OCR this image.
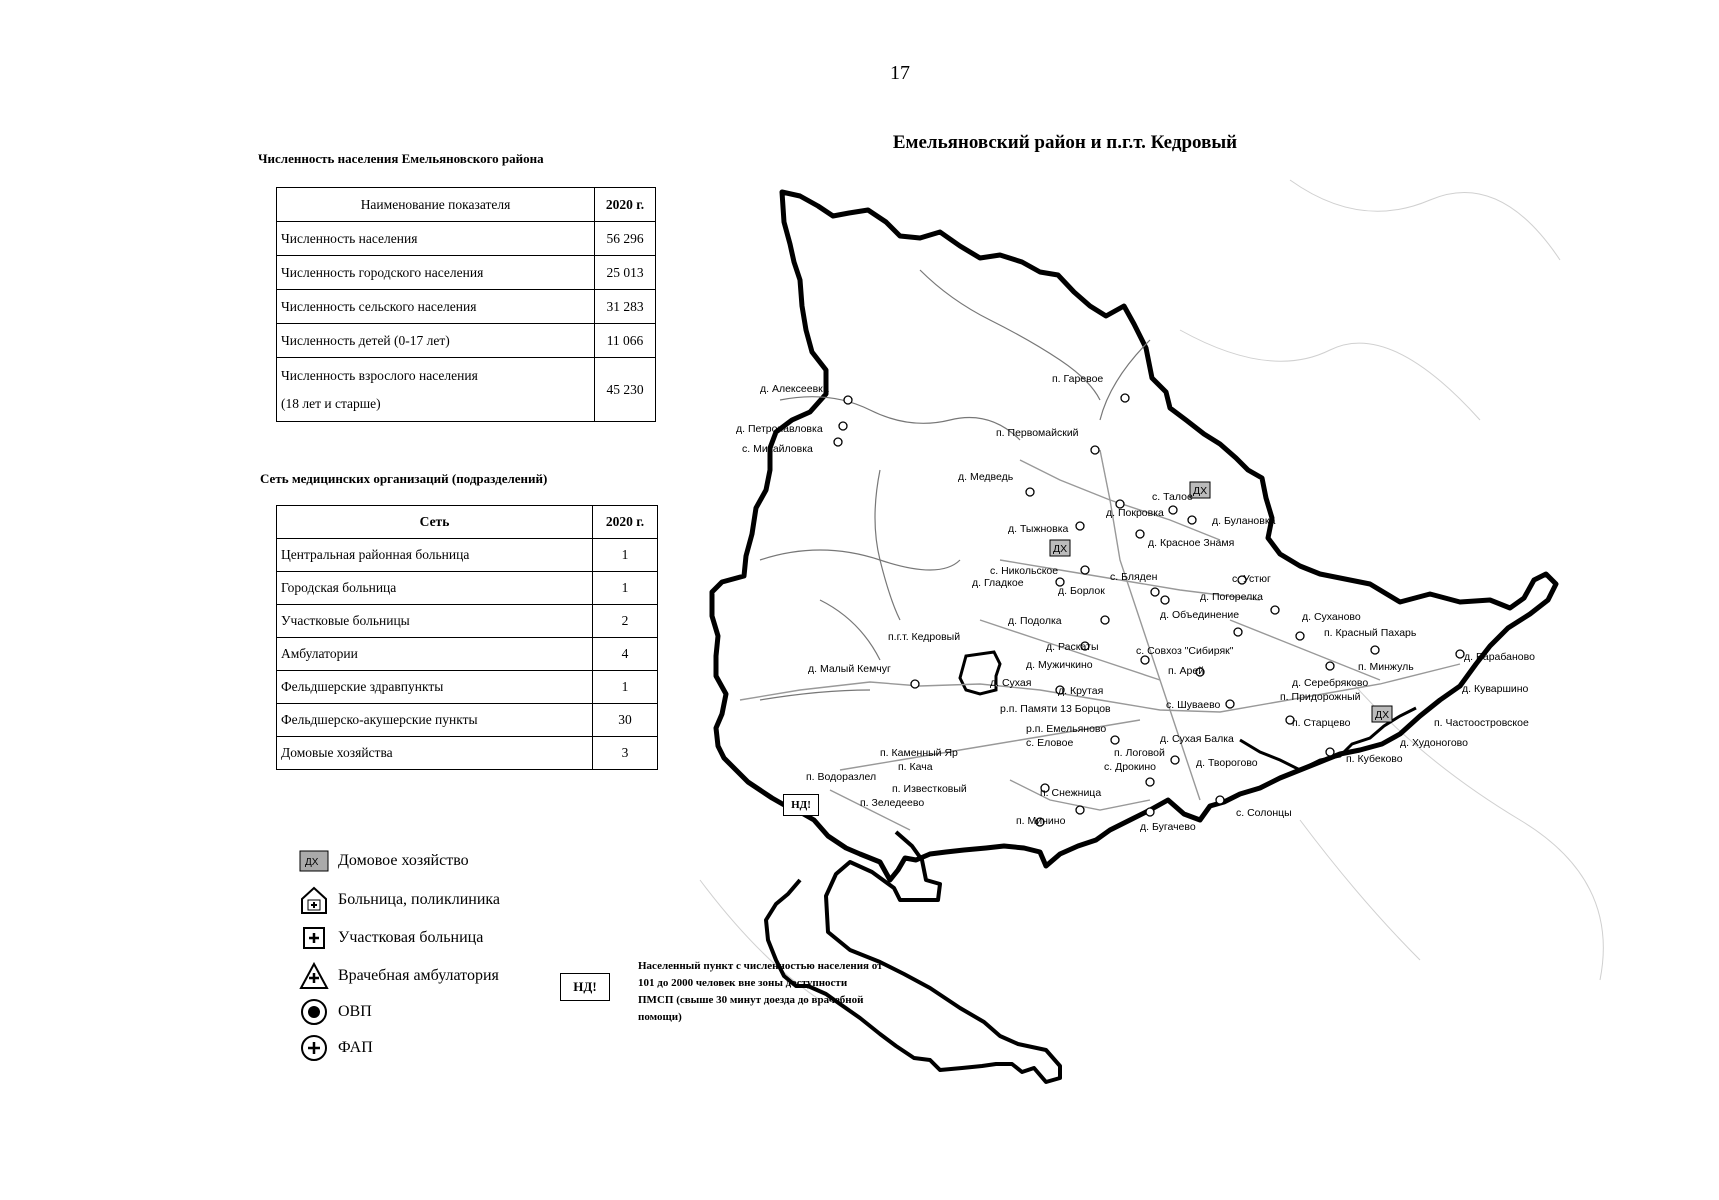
17
Численность населения Емельяновского района
Наименование показателя	2020 г.
Численность населения	56 296
Численность городского населения	25 013
Численность сельского населения	31 283
Численность детей (0-17 лет)	11 066

Численность взрослого населения
(18 лет и старше)	45 230
Сеть медицинских организаций (подразделений)
Сеть	2020 г.
Центральная районная больница	1
Городская больница	1
Участковые больницы	2
Амбулатории	4
Фельдшерские здравпункты	1
Фельдшерско-акушерские пункты	30
Домовые хозяйства	3
Емельяновский район и п.г.т. Кедровый
ДХ
ДХ
ДХ
п. Гаревое
д. Алексеевка
д. Петропавловка
с. Михайловка
п. Первомайский
д. Медведь
с. Талое
д. Покровка
д. Тыжновка
д. Булановка
д. Красное Знамя
с. Никольское
д. Гладкое	с. Бляден
д. Борлок
с. Устюг
д. Погорелка
д. Подолка	д. Объединение	д. Суханово
п.г.т. Кедровый
д. Раскаты
п. Красный Пахарь
с. Совхоз "Сибиряк"	д. Барабаново
д. Малый Кемчуг	д. Мужичкино	п. Арей	п. Минжуль
д. Серебряково
д. Сухая
д. Крутая	д. Куваршино
п. Придорожный
р.п. Памяти 13 Борцов	с. Шуваево
р.п. Емельяново	п. Старцево	п. Частоостровское
с. Еловое
п. Каменный Яр
д. Сухая Балка	д. Худоногово
п. Логовой
д. Творогово
п. Кача	с. Дрокино
п. Кубеково
п. Водоразлел
п. Известковый
п. Зеледеево
п. Снежница
с. Солонцы
п. Минино	д. Бугачево
НД!
ДХ Домовое хозяйство
Больница, поликлиника
Участковая больница
Врачебная амбулатория
ОВП
ФАП
НД!
Населенный пункт с численностью населения от 101 до 2000 человек вне зоны доступности ПМСП (свыше 30 минут доезда до врачебной помощи)
